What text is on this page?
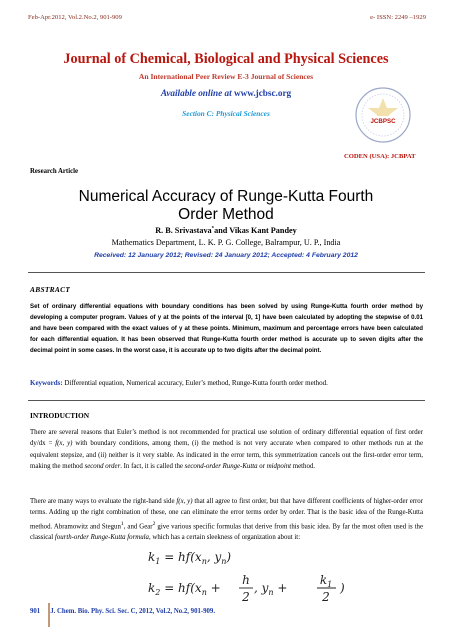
Feb-Apr.2012, Vol.2.No.2, 901-909	e- ISSN: 2249 –1929
Journal of Chemical, Biological and Physical Sciences
An International Peer Review E-3 Journal of Sciences
Available online at www.jcbsc.org
Section C: Physical Sciences
JCBPSC
CODEN (USA): JCBPAT
Research Article
Numerical Accuracy of Runge-Kutta Fourth Order Method
R. B. Srivastava*and Vikas Kant Pandey
Mathematics Department, L. K. P. G. College, Balrampur, U. P., India
Received: 12 January 2012; Revised: 24 January 2012; Accepted: 4 February 2012
ABSTRACT
Set of ordinary differential equations with boundary conditions has been solved by using Runge-Kutta fourth order method by developing a computer program. Values of y at the points of the interval [0, 1] have been calculated by adopting the stepwise of 0.01 and have been compared with the exact values of y at these points. Minimum, maximum and percentage errors have been calculated for each differential equation. It has been observed that Runge-Kutta fourth order method is accurate up to seven digits after the decimal point in some cases. In the worst case, it is accurate up to two digits after the decimal point.
Keywords: Differential equation, Numerical accuracy, Euler’s method, Runge-Kutta fourth order method.
INTRODUCTION
There are several reasons that Euler’s method is not recommended for practical use solution of ordinary differential equation of first order dy/dx = f(x, y) with boundary conditions, among them, (i) the method is not very accurate when compared to other methods run at the equivalent stepsize, and (ii) neither is it very stable. As indicated in the error term, this symmetrization cancels out the first-order error term, making the method second order. In fact, it is called the second-order Runge-Kutta or midpoint method.
There are many ways to evaluate the right-hand side f(x, y) that all agree to first order, but that have different coefficients of higher-order error terms. Adding up the right combination of these, one can eliminate the error terms order by order. That is the basic idea of the Runge-Kutta method. Abramowitz and Stegun$^1$, and Gear$^2$ give various specific formulas that derive from this basic idea. By far the most often used is the classical fourth-order Runge-Kutta formula, which has a certain sleekness of organization about it:
$k_1 = hf(x_n$, $y_n$)
$k_2 = hf(x_n$ +
h
2
, $y_n$ +
$k_1$
2
)
901 J. Chem. Bio. Phy. Sci. Sec. C, 2012, Vol.2, No.2, 901-909.
